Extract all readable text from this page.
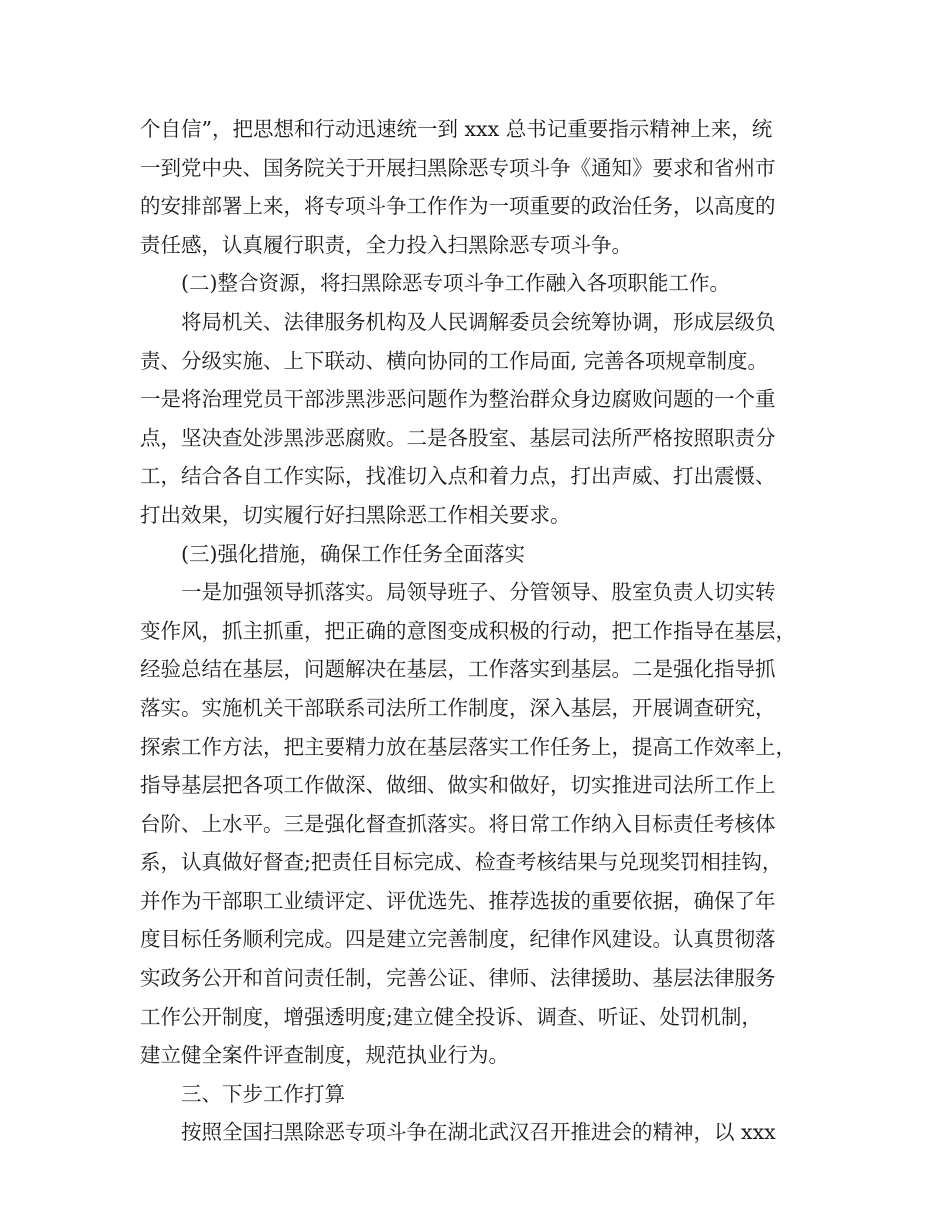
个自信”，把思想和行动迅速统一到 xxx 总书记重要指示精神上来，统
一到党中央、国务院关于开展扫黑除恶专项斗争《通知》要求和省州市
的安排部署上来，将专项斗争工作作为一项重要的政治任务，以高度的
责任感，认真履行职责，全力投入扫黑除恶专项斗争。
(二)整合资源，将扫黑除恶专项斗争工作融入各项职能工作。
将局机关、法律服务机构及人民调解委员会统筹协调，形成层级负
责、分级实施、上下联动、横向协同的工作局面, 完善各项规章制度。
一是将治理党员干部涉黑涉恶问题作为整治群众身边腐败问题的一个重
点，坚决查处涉黑涉恶腐败。二是各股室、基层司法所严格按照职责分
工，结合各自工作实际，找准切入点和着力点，打出声威、打出震慑、
打出效果，切实履行好扫黑除恶工作相关要求。
(三)强化措施，确保工作任务全面落实
一是加强领导抓落实。局领导班子、分管领导、股室负责人切实转
变作风，抓主抓重，把正确的意图变成积极的行动，把工作指导在基层，
经验总结在基层，问题解决在基层，工作落实到基层。二是强化指导抓
落实。实施机关干部联系司法所工作制度，深入基层，开展调查研究，
探索工作方法，把主要精力放在基层落实工作任务上，提高工作效率上，
指导基层把各项工作做深、做细、做实和做好，切实推进司法所工作上
台阶、上水平。三是强化督查抓落实。将日常工作纳入目标责任考核体
系，认真做好督查;把责任目标完成、检查考核结果与兑现奖罚相挂钩，
并作为干部职工业绩评定、评优选先、推荐选拔的重要依据，确保了年
度目标任务顺利完成。四是建立完善制度，纪律作风建设。认真贯彻落
实政务公开和首问责任制，完善公证、律师、法律援助、基层法律服务
工作公开制度，增强透明度;建立健全投诉、调查、听证、处罚机制，
建立健全案件评查制度，规范执业行为。
三、下步工作打算
按照全国扫黑除恶专项斗争在湖北武汉召开推进会的精神，以 xxx
